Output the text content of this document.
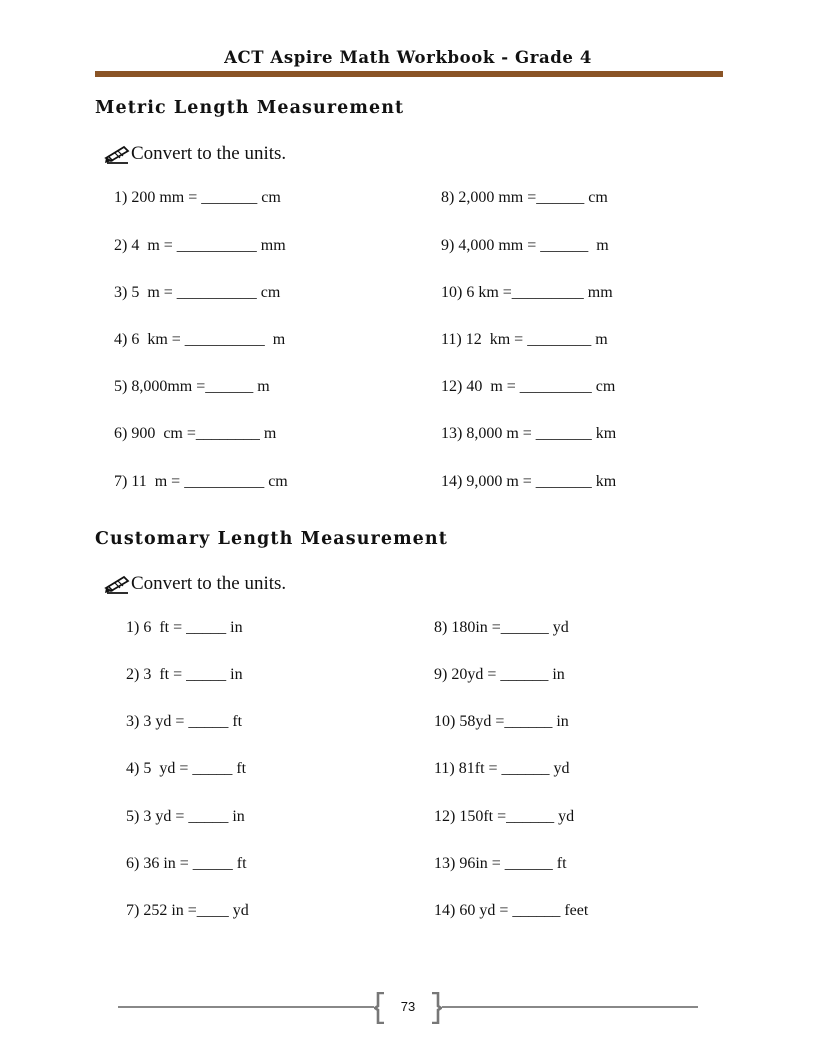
ACT Aspire Math Workbook - Grade 4
Metric Length Measurement
Convert to the units.
1) 200 mm = _______ cm
2) 4  m = __________ mm
3) 5  m = __________ cm
4) 6  km = __________  m
5) 8,000mm =______ m
6) 900  cm =________ m
7) 11  m = __________ cm
8) 2,000 mm =______ cm
9) 4,000 mm = ______  m
10) 6 km =_________ mm
11) 12  km = ________ m
12) 40  m = _________ cm
13) 8,000 m = _______ km
14) 9,000 m = _______ km
Customary Length Measurement
Convert to the units.
1) 6  ft = _____ in
2) 3  ft = _____ in
3) 3 yd = _____ ft
4) 5  yd = _____ ft
5) 3 yd = _____ in
6) 36 in = _____ ft
7) 252 in =____ yd
8) 180in =______ yd
9) 20yd = ______ in
10) 58yd =______ in
11) 81ft = ______ yd
12) 150ft =______ yd
13) 96in = ______ ft
14) 60 yd = ______ feet
73
